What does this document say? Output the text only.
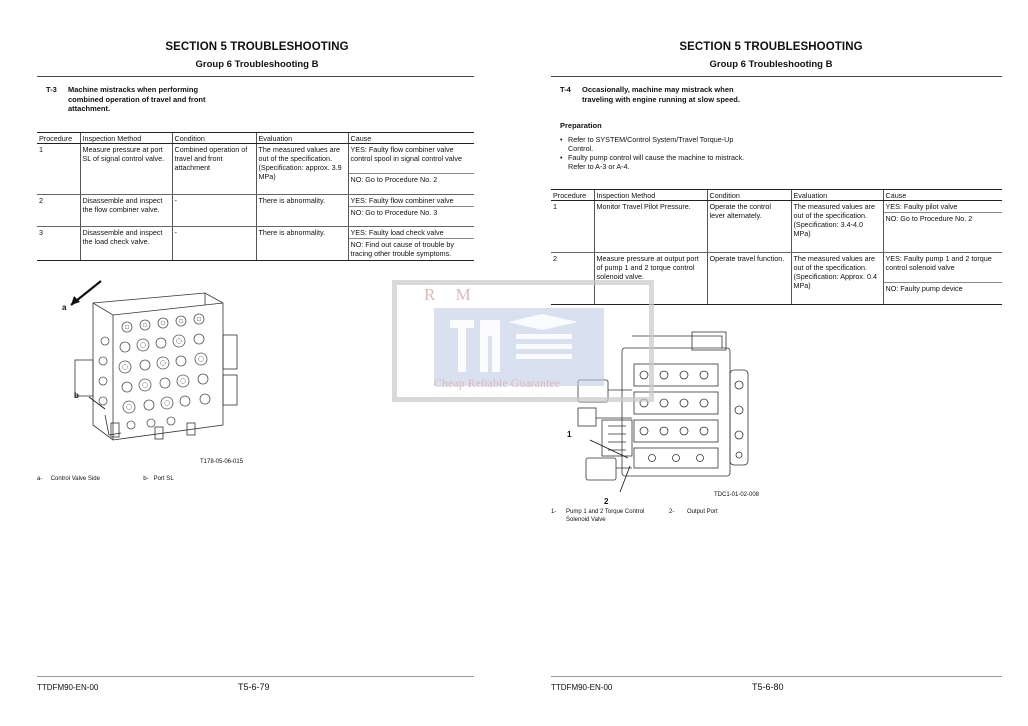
SECTION 5 TROUBLESHOOTING
Group 6 Troubleshooting B
T-3 Machine mistracks when performing
combined operation of travel and front
attachment.
Procedure	Inspection Method	Condition	Evaluation	Cause
1	Measure pressure at port SL of signal control valve.	Combined operation of travel and front attachment	The measured values are out of the specification. (Specification: approx. 3.9 MPa)	YES: Faulty flow combiner valve control spool in signal control valve
NO: Go to Procedure No. 2

2	Disassemble and inspect the flow combiner valve.	-	There is abnormality.	YES: Faulty flow combiner valve
NO: Go to Procedure No. 3

3	Disassemble and inspect the load check valve.	-	There is abnormality.	YES: Faulty load check valve
NO: Find out cause of trouble by tracing other trouble symptoms.
a
b
T178-05-06-015
a- Control Valve Side	b- Port SL
TTDFM90-EN-00	T5-6-79
SECTION 5 TROUBLESHOOTING
Group 6 Troubleshooting B
T-4 Occasionally, machine may mistrack when
traveling with engine running at slow speed.
Preparation
• Refer to SYSTEM/Control System/Travel Torque-Up Control.
• Faulty pump control will cause the machine to mistrack. Refer to A-3 or A-4.
Procedure	Inspection Method	Condition	Evaluation	Cause
1	Monitor Travel Pilot Pressure.	Operate the control lever alternately.	The measured values are out of the specification. (Specification: 3.4-4.0 MPa)	YES: Faulty pilot valve
NO: Go to Procedure No. 2

2	Measure pressure at output port of pump 1 and 2 torque control solenoid valve.	Operate travel function.	The measured values are out of the specification. (Specification: Approx. 0.4 MPa)	YES: Faulty pump 1 and 2 torque control solenoid valve
NO: Faulty pump device
1
2
TDC1-01-02-008
1- Pump 1 and 2 Torque Control Solenoid Valve
2- Output Port
TTDFM90-EN-00	T5-6-80
R M
Cheap Reliable Guarantee
